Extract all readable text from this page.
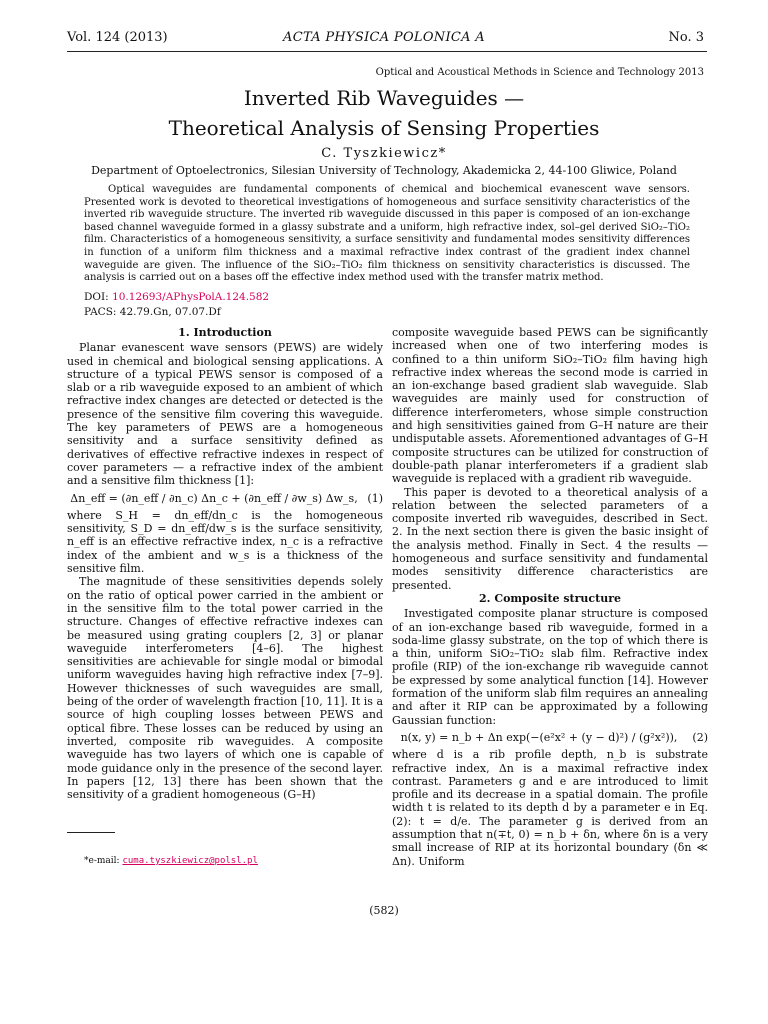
Vol. 124 (2013)	ACTA PHYSICA POLONICA A	No. 3
Optical and Acoustical Methods in Science and Technology 2013
Inverted Rib Waveguides —
Theoretical Analysis of Sensing Properties
C. Tyszkiewicz*
Department of Optoelectronics, Silesian University of Technology, Akademicka 2, 44-100 Gliwice, Poland

Optical waveguides are fundamental components of chemical and biochemical evanescent wave sensors. Presented work is devoted to theoretical investigations of homogeneous and surface sensitivity characteristics of the inverted rib waveguide structure. The inverted rib waveguide discussed in this paper is composed of an ion-exchange based channel waveguide formed in a glassy substrate and a uniform, high refractive index, sol–gel derived SiO₂–TiO₂ film. Characteristics of a homogeneous sensitivity, a surface sensitivity and fundamental modes sensitivity differences in function of a uniform film thickness and a maximal refractive index contrast of the gradient index channel waveguide are given. The influence of the SiO₂–TiO₂ film thickness on sensitivity characteristics is discussed. The analysis is carried out on a bases off the effective index method used with the transfer matrix method.

DOI: 10.12693/APhysPolA.124.582
PACS: 42.79.Gn, 07.07.Df
1. Introduction

Planar evanescent wave sensors (PEWS) are widely used in chemical and biological sensing applications. A structure of a typical PEWS sensor is composed of a slab or a rib waveguide exposed to an ambient of which refractive index changes are detected or detected is the presence of the sensitive film covering this waveguide. The key parameters of PEWS are a homogeneous sensitivity and a surface sensitivity defined as derivatives of effective refractive indexes in respect of cover parameters — a refractive index of the ambient and a sensitive film thickness [1]:

Δn_eff = (∂n_eff / ∂n_c) Δn_c + (∂n_eff / ∂w_s) Δw_s, (1)

where S_H = dn_eff/dn_c is the homogeneous sensitivity, S_D = dn_eff/dw_s is the surface sensitivity, n_eff is an effective refractive index, n_c is a refractive index of the ambient and w_s is a thickness of the sensitive film.

The magnitude of these sensitivities depends solely on the ratio of optical power carried in the ambient or in the sensitive film to the total power carried in the structure. Changes of effective refractive indexes can be measured using grating couplers [2, 3] or planar waveguide interferometers [4–6]. The highest sensitivities are achievable for single modal or bimodal uniform waveguides having high refractive index [7–9]. However thicknesses of such waveguides are small, being of the order of wavelength fraction [10, 11]. It is a source of high coupling losses between PEWS and optical fibre. These losses can be reduced by using an inverted, composite rib waveguides. A composite waveguide has two layers of which one is capable of mode guidance only in the presence of the second layer. In papers [12, 13] there has been shown that the sensitivity of a gradient homogeneous (G–H)

composite waveguide based PEWS can be significantly increased when one of two interfering modes is confined to a thin uniform SiO₂–TiO₂ film having high refractive index whereas the second mode is carried in an ion-exchange based gradient slab waveguide. Slab waveguides are mainly used for construction of difference interferometers, whose simple construction and high sensitivities gained from G–H nature are their undisputable assets. Aforementioned advantages of G–H composite structures can be utilized for construction of double-path planar interferometers if a gradient slab waveguide is replaced with a gradient rib waveguide.

This paper is devoted to a theoretical analysis of a relation between the selected parameters of a composite inverted rib waveguides, described in Sect. 2. In the next section there is given the basic insight of the analysis method. Finally in Sect. 4 the results — homogeneous and surface sensitivity and fundamental modes sensitivity difference characteristics are presented.

2. Composite structure

Investigated composite planar structure is composed of an ion-exchange based rib waveguide, formed in a soda-lime glassy substrate, on the top of which there is a thin, uniform SiO₂–TiO₂ slab film. Refractive index profile (RIP) of the ion-exchange rib waveguide cannot be expressed by some analytical function [14]. However formation of the uniform slab film requires an annealing and after it RIP can be approximated by a following Gaussian function:

n(x, y) = n_b + Δn exp(−(e²x² + (y − d)²) / (g²x²)),	(2)

where d is a rib profile depth, n_b is substrate refractive index, Δn is a maximal refractive index contrast. Parameters g and e are introduced to limit profile and its decrease in a spatial domain. The profile width t is related to its depth d by a parameter e in Eq. (2): t = d/e. The parameter g is derived from an assumption that n(∓t, 0) = n_b + δn, where δn is a very small increase of RIP at its horizontal boundary (δn ≪ Δn). Uniform

*e-mail: cuma.tyszkiewicz@polsl.pl
(582)
